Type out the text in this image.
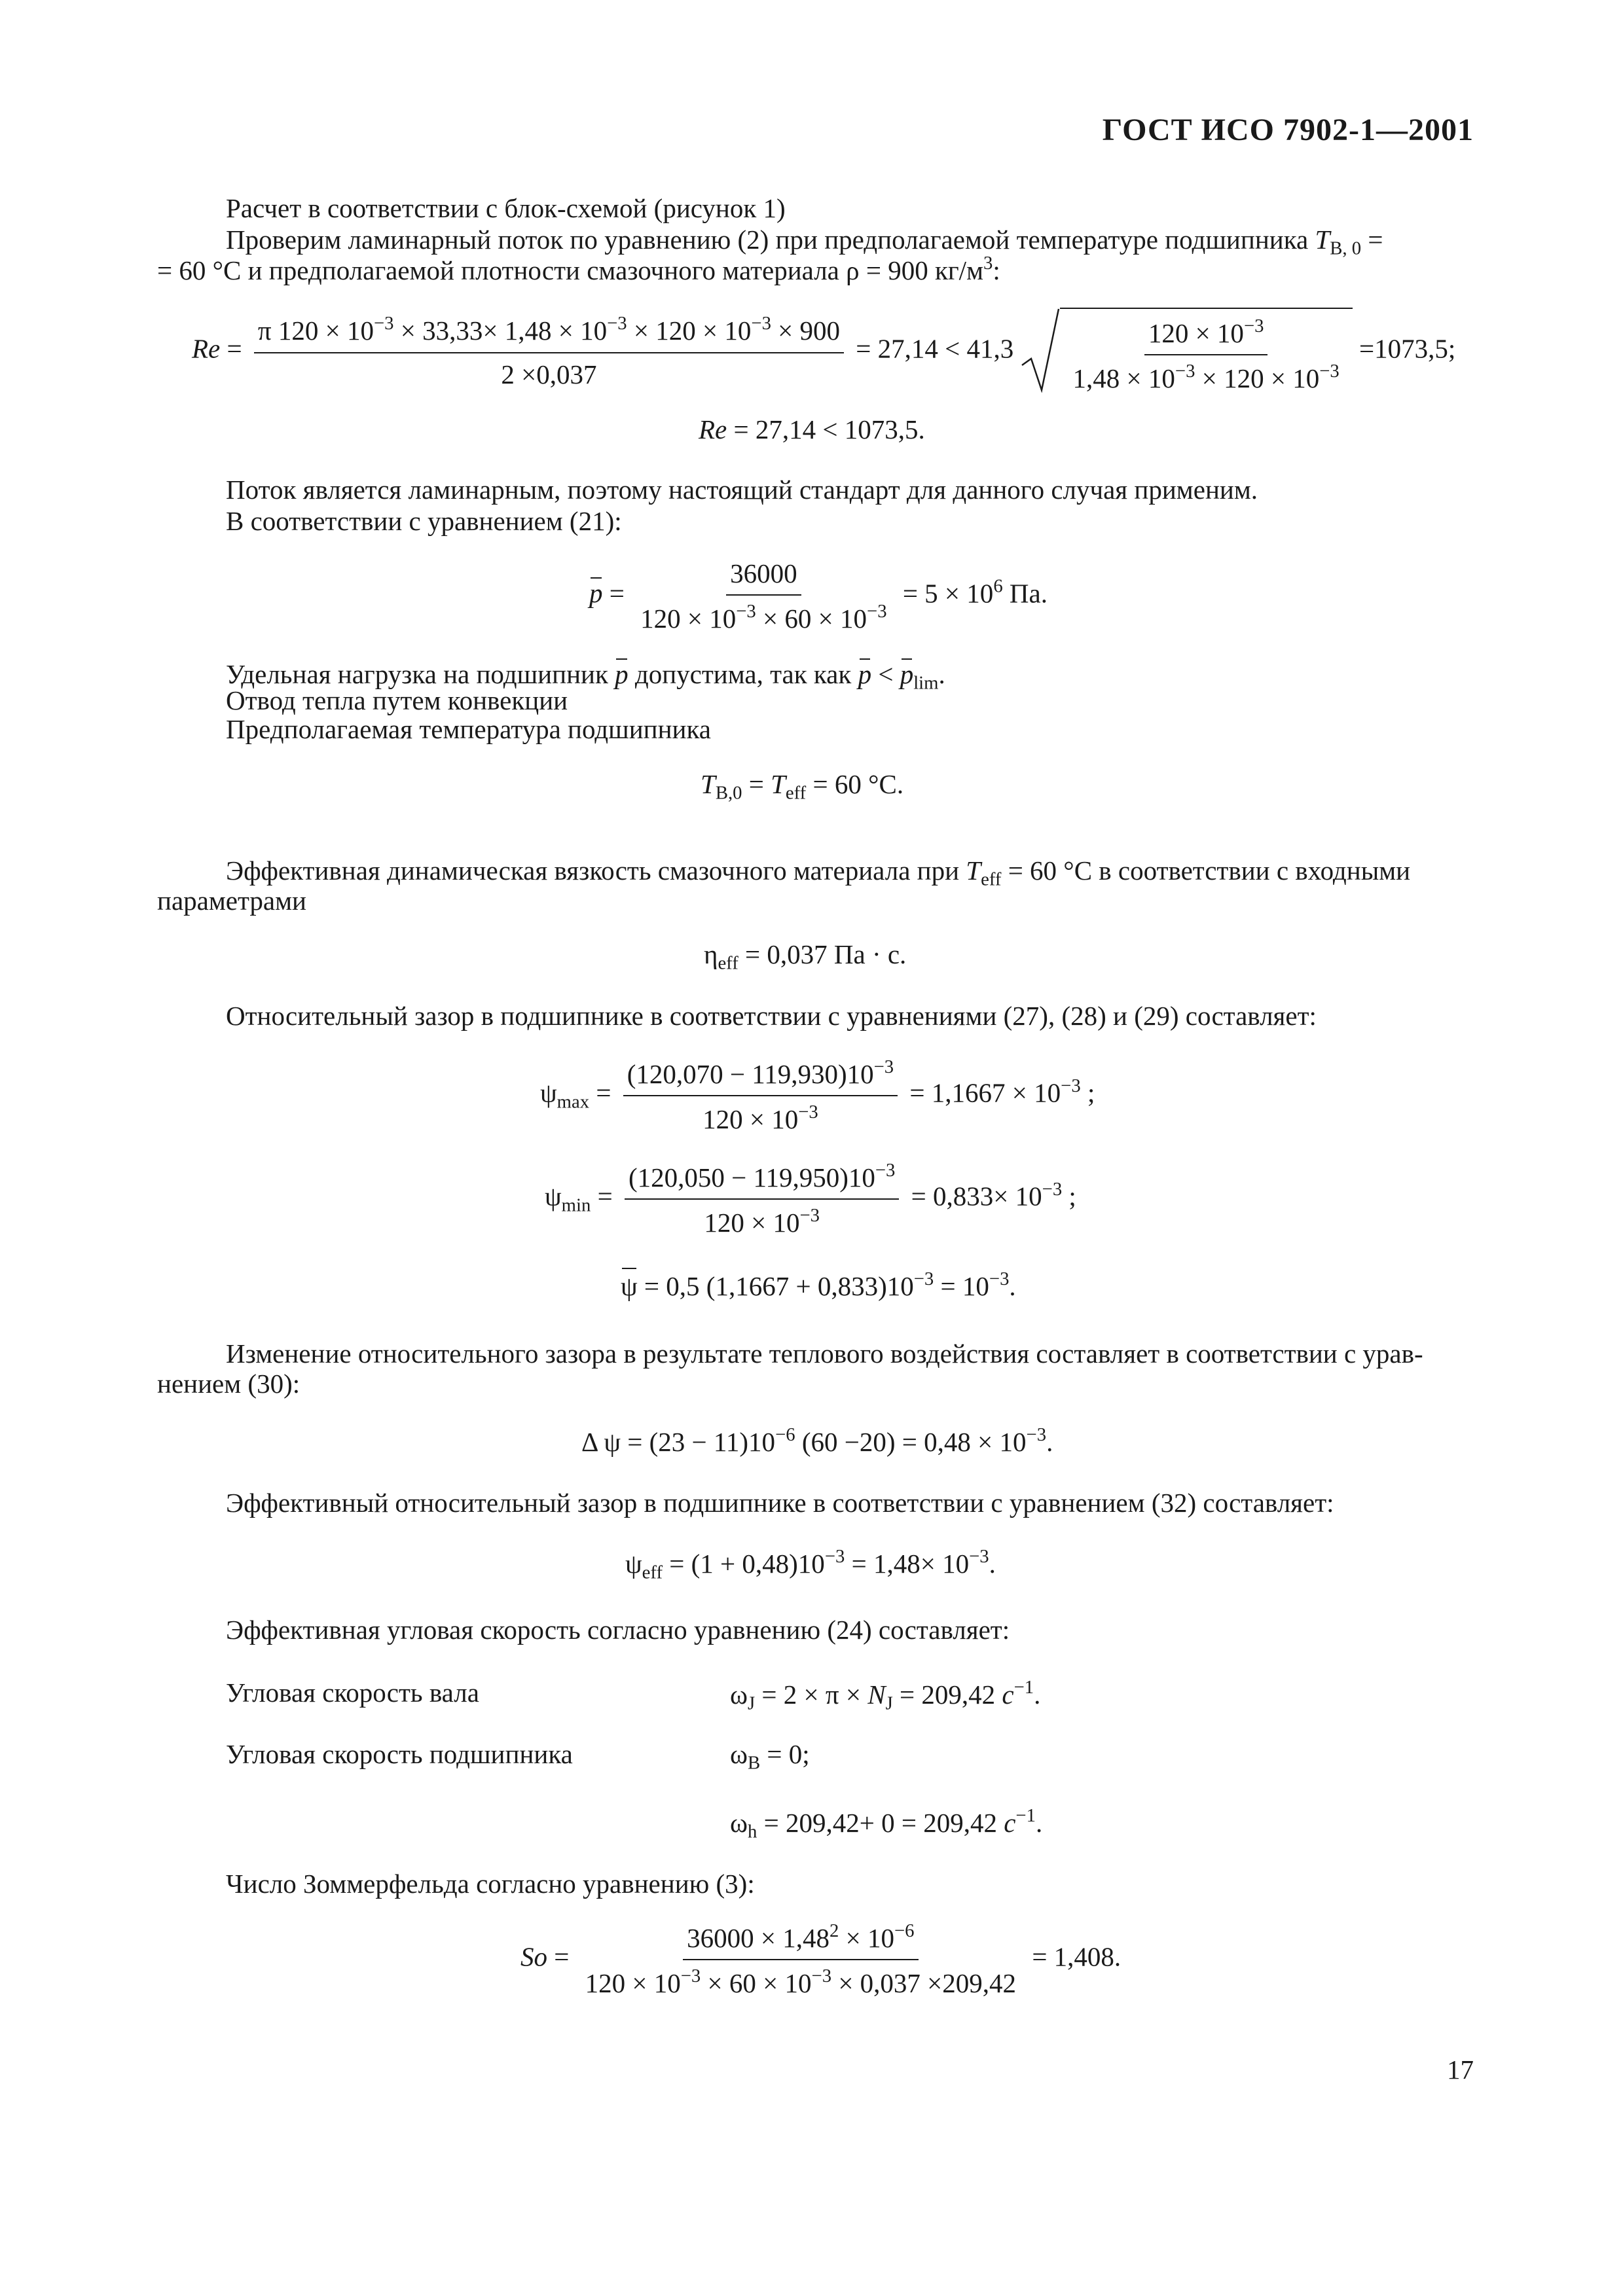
ГОСТ ИСО 7902-1—2001
Расчет в соответствии с блок-схемой (рисунок 1)
Проверим ламинарный поток по уравнению (2) при предполагаемой температуре подшипника $T_{B, 0}$ =
= 60 °С и предполагаемой плотности смазочного материала ρ = 900 $кг/м^3$:
$Re = \frac{\pi 120 \times 10^{-3} \times 33,33\times 1,48 \times 10^{-3} \times 120 \times 10^{-3} \times 900}{2 \times 0,037} = 27,14 < 41,3 \frac{120 \times 10^{-3}}{1,48 \times 10^{-3} \times 120 \times 10^{-3}} =1073,5$;
Re = 27,14 < 1073,5.
Поток является ламинарным, поэтому настоящий стандарт для данного случая применим.
В соответствии с уравнением (21):
$p = \frac{36000}{120 \times 10^{-3} \times 60 \times 10^{-3}} = 5 \times 10^6$ Па.
Удельная нагрузка на подшипник p допустима, так как $p < p_{lim}$.
Отвод тепла путем конвекции
Предполагаемая температура подшипника
$T_{B,0} = T_{eff} = 60$ °С.
Эффективная динамическая вязкость смазочного материала при $T_{eff} = 60$ °С в соответствии с входными
параметрами
$\eta_{eff} = 0,037$ Па · с.
Относительный зазор в подшипнике в соответствии с уравнениями (27), (28) и (29) составляет:
$\psi_{max} = \frac{(120,070 - 119,930)10^{-3}}{120 \times 10^{-3}} = 1,1667 \times 10^{-3}$ ;
$\psi_{min} = \frac{(120,050 - 119,950)10^{-3}}{120 \times 10^{-3}} = 0,833\times 10^{-3}$ ;
ψ = 0,5 $(1,1667 + 0,833)10^{-3} = 10^{-3}$.
Изменение относительного зазора в результате теплового воздействия составляет в соответствии с урав-
нением (30):
Δ $\psi = (23 - 11)10^{-6}$ $(60 -20) = 0,48 \times 10^{-3}$.
Эффективный относительный зазор в подшипнике в соответствии с уравнением (32) составляет:
$\psi_{eff} = (1 + 0,48)10^{-3} = 1,48\times 10^{-3}$.
Эффективная угловая скорость согласно уравнению (24) составляет:
Угловая скорость вала	$\omega_J = 2 \times \pi \times N_J = 209,42$ $c^{-1}$.
Угловая скорость подшипника	$\omega_B = 0$;
$\omega_h = 209,42+ 0 = 209,42$ $c^{-1}$.
Число Зоммерфельда согласно уравнению (3):
$So = \frac{36000 \times 1,48^2 \times 10^{-6}}{120 \times 10^{-3} \times 60 \times 10^{-3} \times 0,037 \times 209,42} = 1,408$.
17
